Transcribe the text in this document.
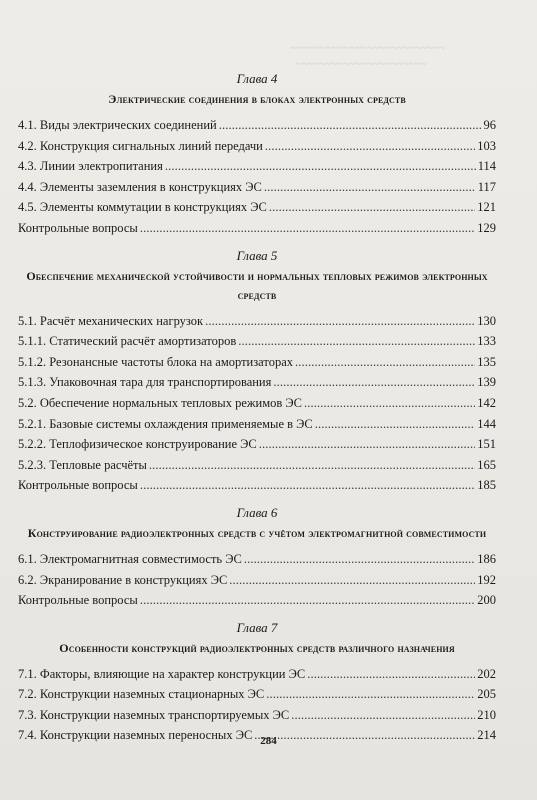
~~~~~~~~~~~~~~~~~~~~~~~~~~
~~~~~~~~~~~~~~~~~~~~~~
Глава 4
Электрические соединения в блоках электронных средств
4.1. Виды электрических соединений . . .	96
4.2. Конструкция сигнальных линий передачи . . .	103
4.3. Линии электропитания . . .	114
4.4. Элементы заземления в конструкциях ЭС . . .	117
4.5. Элементы коммутации в конструкциях ЭС . . .	121
Контрольные вопросы . . .	129
Глава 5
Обеспечение механической устойчивости и нормальных тепловых режимов электронных средств
5.1. Расчёт механических нагрузок . . .	130
5.1.1. Статический расчёт амортизаторов . . .	133
5.1.2. Резонансные частоты блока на амортизаторах . . .	135
5.1.3. Упаковочная тара для транспортирования . . .	139
5.2. Обеспечение нормальных тепловых режимов ЭС . . .	142
5.2.1. Базовые системы охлаждения применяемые в ЭС . . .	144
5.2.2. Теплофизическое конструирование ЭС . . .	151
5.2.3. Тепловые расчёты . . .	165
Контрольные вопросы . . .	185
Глава 6
Конструирование радиоэлектронных средств с учётом электромагнитной совместимости
6.1. Электромагнитная совместимость ЭС . . .	186
6.2. Экранирование в конструкциях ЭС . . .	192
Контрольные вопросы . . .	200
Глава 7
Особенности конструкций радиоэлектронных средств различного назначения
7.1. Факторы, влияющие на характер конструкции ЭС . . .	202
7.2. Конструкции наземных стационарных ЭС . . .	205
7.3. Конструкции наземных транспортируемых ЭС . . .	210
7.4. Конструкции наземных переносных ЭС . . .	214
284
